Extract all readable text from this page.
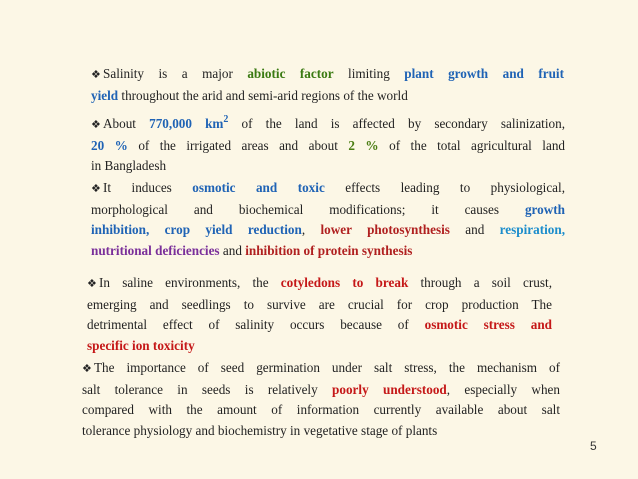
❖ Salinity is a major abiotic factor limiting plant growth and fruit
yield throughout the arid and semi-arid regions of the world
❖ About 770,000 $km^2$ of the land is affected by secondary salinization,
20 % of the irrigated areas and about 2 % of the total agricultural land
in Bangladesh
❖ It induces osmotic and toxic effects leading to physiological,
morphological and biochemical modifications; it causes growth
inhibition, crop yield reduction, lower photosynthesis and respiration,
nutritional deficiencies and inhibition of protein synthesis
❖ In saline environments, the cotyledons to break through a soil crust,
emerging and seedlings to survive are crucial for crop production The
detrimental effect of salinity occurs because of osmotic stress and
specific ion toxicity
❖ The importance of seed germination under salt stress, the mechanism of
salt tolerance in seeds is relatively poorly understood, especially when
compared with the amount of information currently available about salt
tolerance physiology and biochemistry in vegetative stage of plants
5
